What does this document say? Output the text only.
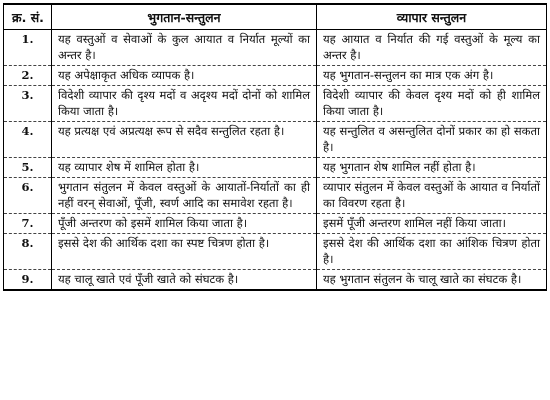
क्र. सं.	भुगतान-सन्तुलन	व्यापार सन्तुलन
1.	यह वस्तुओं व सेवाओं के कुल आयात व निर्यात मूल्यों का अन्तर है।	यह आयात व निर्यात की गई वस्तुओं के मूल्य का अन्तर है।
2.	यह अपेक्षाकृत अधिक व्यापक है।	यह भुगतान-सन्तुलन का मात्र एक अंग है।
3.	विदेशी व्यापार की दृश्य मदों व अदृश्य मदों दोनों को शामिल किया जाता है।	विदेशी व्यापार की केवल दृश्य मदों को ही शामिल किया जाता है।
4.	यह प्रत्यक्ष एवं अप्रत्यक्ष रूप से सदैव सन्तुलित रहता है।	यह सन्तुलित व असन्तुलित दोनों प्रकार का हो सकता है।
5.	यह व्यापार शेष में शामिल होता है।	यह भुगतान शेष शामिल नहीं होता है।
6.	भुगतान संतुलन में केवल वस्तुओं के आयातों-निर्यातों का ही नहीं वरन् सेवाओं, पूँजी, स्वर्ण आदि का समावेश रहता है।	व्यापार संतुलन में केवल वस्तुओं के आयात व निर्यातों का विवरण रहता है।
7.	पूँजी अन्तरण को इसमें शामिल किया जाता है।	इसमें पूँजी अन्तरण शामिल नहीं किया जाता।
8.	इससे देश की आर्थिक दशा का स्पष्ट चित्रण होता है।	इससे देश की आर्थिक दशा का आंशिक चित्रण होता है।
9.	यह चालू खाते एवं पूँजी खाते को संघटक है।	यह भुगतान संतुलन के चालू खाते का संघटक है।
